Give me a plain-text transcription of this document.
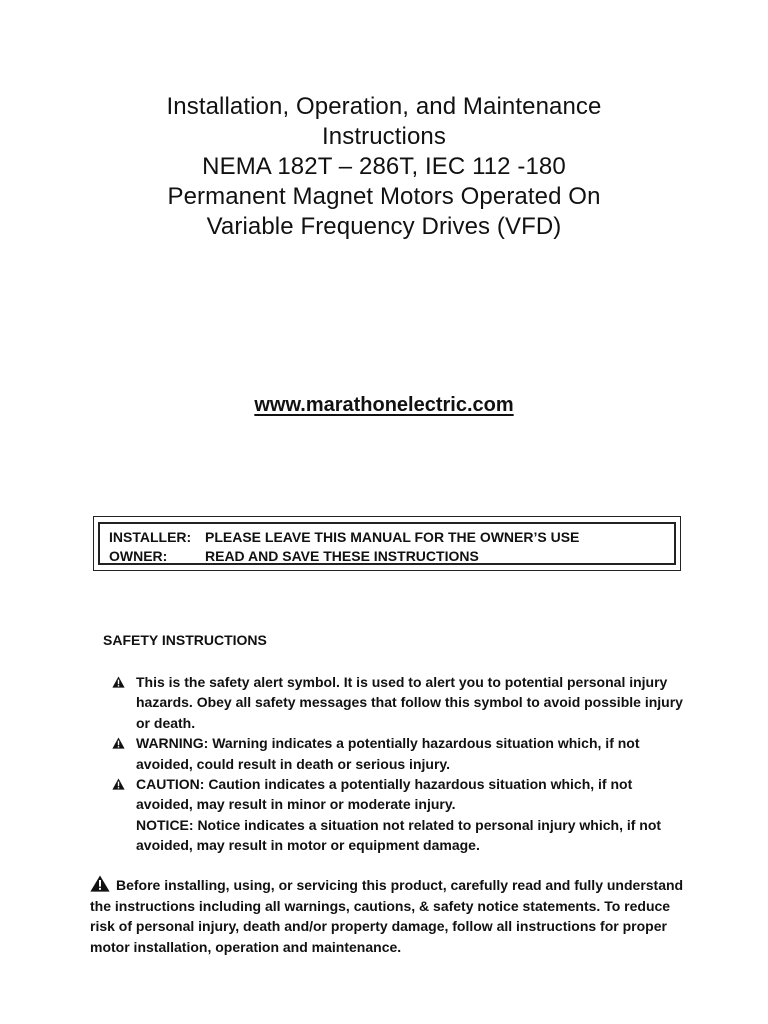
Installation, Operation, and Maintenance
Instructions
NEMA 182T – 286T, IEC 112 -180
Permanent Magnet Motors Operated On
Variable Frequency Drives (VFD)
www.marathonelectric.com
INSTALLER: PLEASE LEAVE THIS MANUAL FOR THE OWNER’S USE
OWNER:	READ AND SAVE THESE INSTRUCTIONS
SAFETY INSTRUCTIONS
This is the safety alert symbol. It is used to alert you to potential personal injury hazards. Obey all safety messages that follow this symbol to avoid possible injury or death.
WARNING: Warning indicates a potentially hazardous situation which, if not avoided, could result in death or serious injury.
CAUTION: Caution indicates a potentially hazardous situation which, if not avoided, may result in minor or moderate injury.
NOTICE: Notice indicates a situation not related to personal injury which, if not avoided, may result in motor or equipment damage.
Before installing, using, or servicing this product, carefully read and fully understand the instructions including all warnings, cautions, & safety notice statements. To reduce risk of personal injury, death and/or property damage, follow all instructions for proper motor installation, operation and maintenance.
